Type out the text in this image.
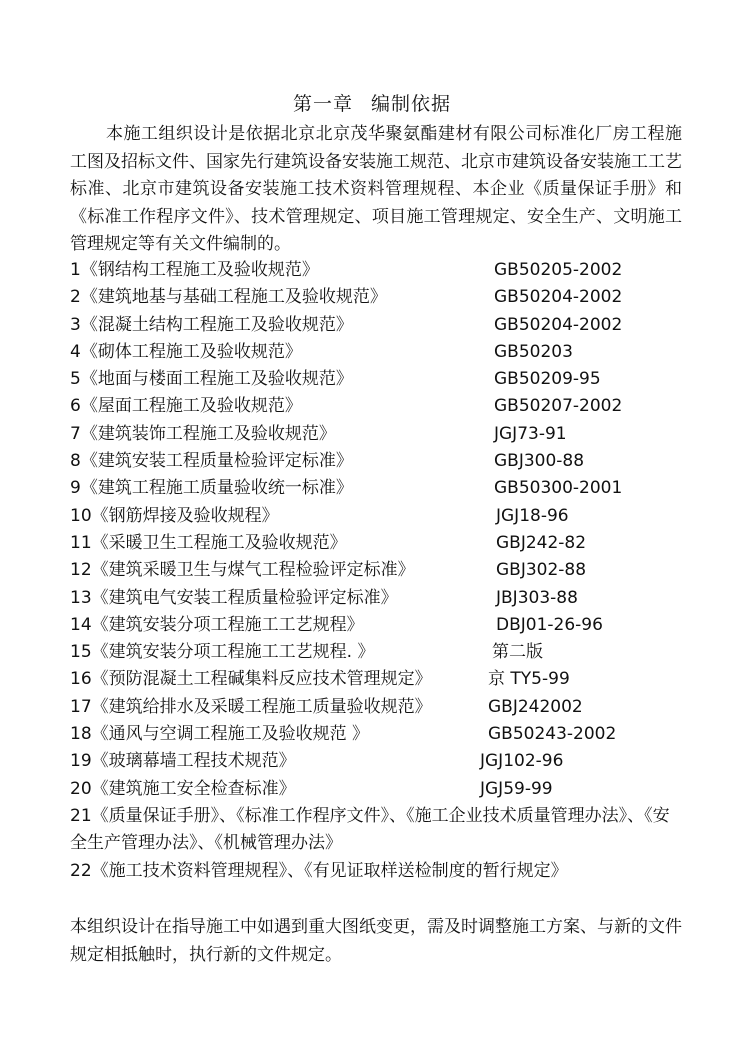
第一章 编制依据

本施工组织设计是依据北京北京茂华聚氨酯建材有限公司标准化厂房工程施工图及招标文件、国家先行建筑设备安装施工规范、北京市建筑设备安装施工工艺标准、北京市建筑设备安装施工技术资料管理规程、本企业《质量保证手册》和《标准工作程序文件》、技术管理规定、项目施工管理规定、安全生产、文明施工管理规定等有关文件编制的。

1《钢结构工程施工及验收规范》	GB50205-2002
2《建筑地基与基础工程施工及验收规范》	GB50204-2002
3《混凝土结构工程施工及验收规范》	GB50204-2002
4《砌体工程施工及验收规范》	GB50203
5《地面与楼面工程施工及验收规范》	GB50209-95
6《屋面工程施工及验收规范》	GB50207-2002
7《建筑装饰工程施工及验收规范》	JGJ73-91
8《建筑安装工程质量检验评定标准》	GBJ300-88
9《建筑工程施工质量验收统一标准》	GB50300-2001
10《钢筋焊接及验收规程》	JGJ18-96
11《采暖卫生工程施工及验收规范》	GBJ242-82
12《建筑采暖卫生与煤气工程检验评定标准》	GBJ302-88
13《建筑电气安装工程质量检验评定标准》	JBJ303-88
14《建筑安装分项工程施工工艺规程》	DBJ01-26-96
15《建筑安装分项工程施工工艺规程. 》	第二版
16《预防混凝土工程碱集料反应技术管理规定》	京 TY5-99
17《建筑给排水及采暖工程施工质量验收规范》	GBJ242002
18《通风与空调工程施工及验收规范 》	GB50243-2002
19《玻璃幕墙工程技术规范》	JGJ102-96
20《建筑施工安全检查标准》	JGJ59-99
21《质量保证手册》、《标准工作程序文件》、《施工企业技术质量管理办法》、《安全生产管理办法》、《机械管理办法》
22《施工技术资料管理规程》、《有见证取样送检制度的暂行规定》

本组织设计在指导施工中如遇到重大图纸变更，需及时调整施工方案、与新的文件规定相抵触时，执行新的文件规定。
